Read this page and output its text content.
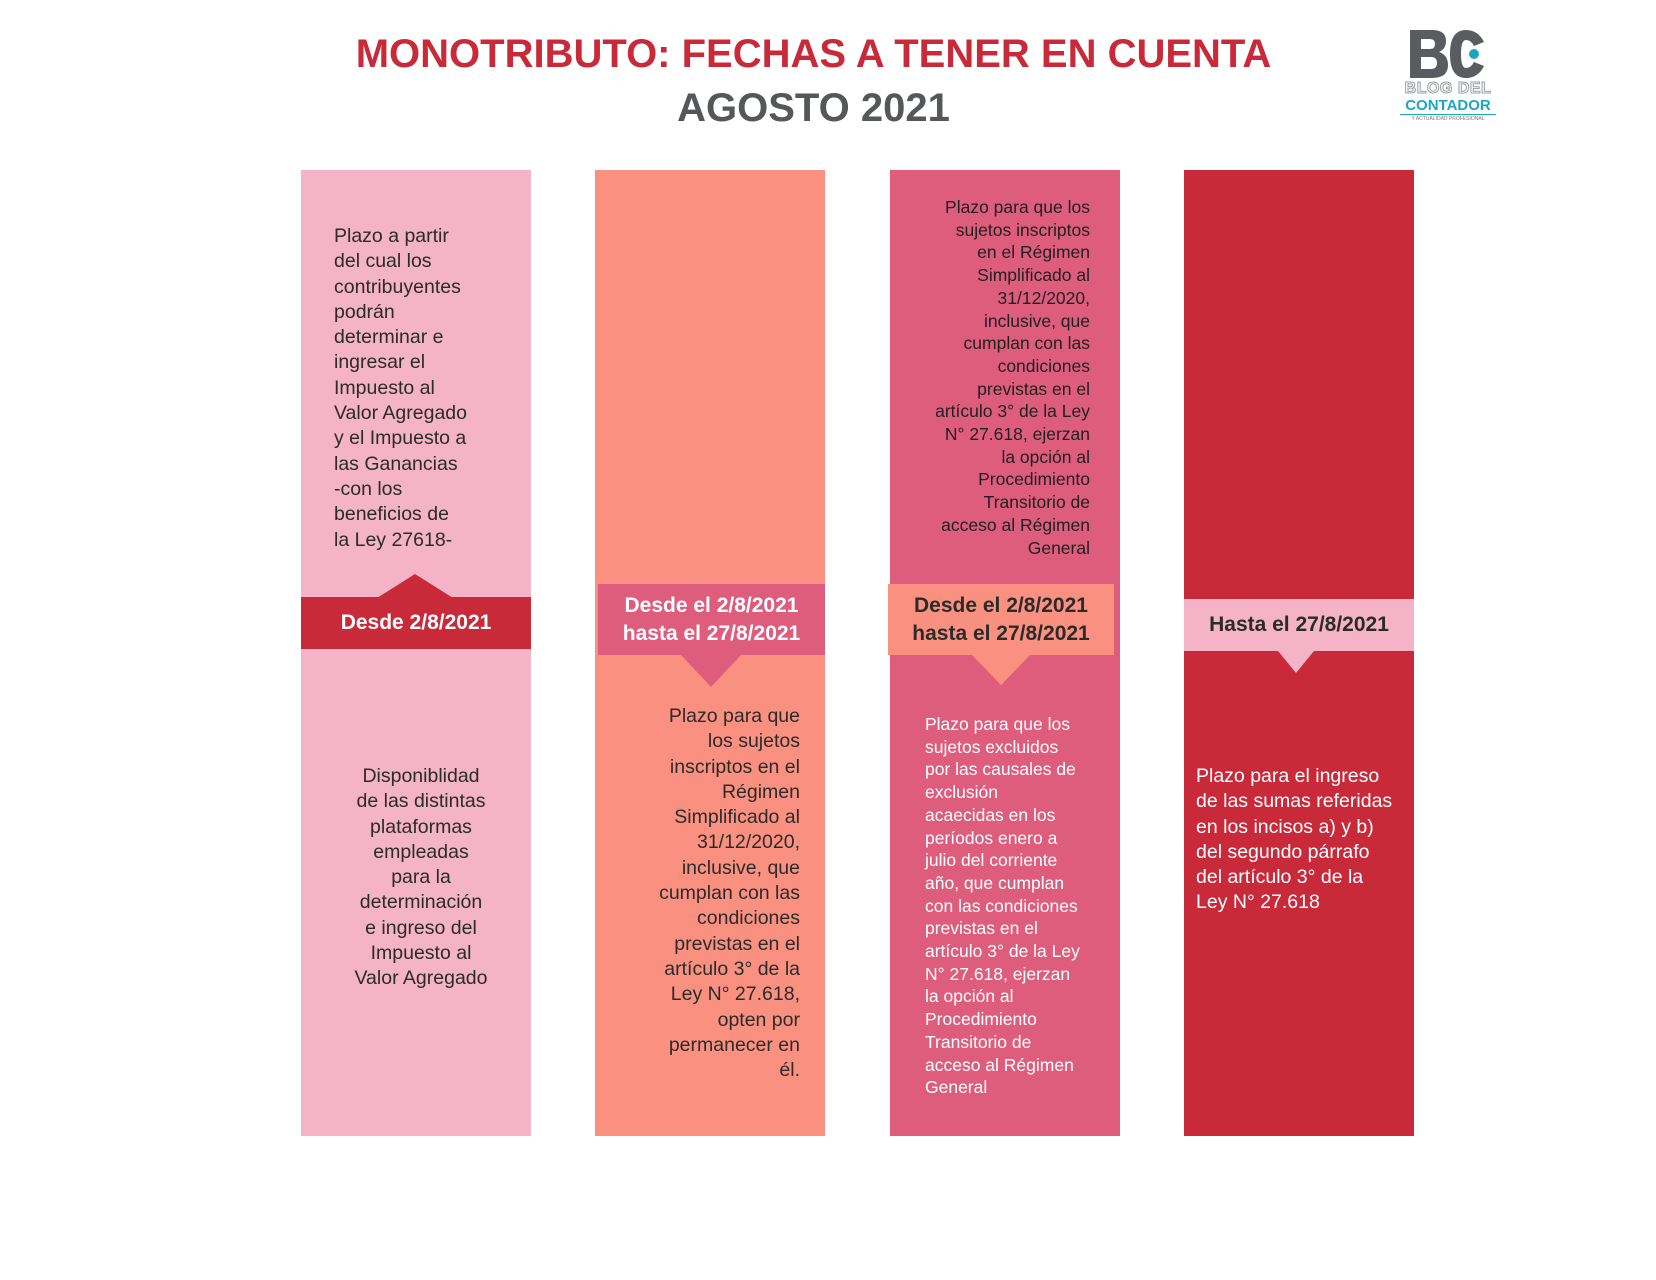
MONOTRIBUTO: FECHAS A TENER EN CUENTA
AGOSTO 2021	BLOG DEL
CONTADOR
Y ACTUALIDAD PROFESIONAL

Plazo a partir
del cual los
contribuyentes
podrán
determinar e
ingresar el
Impuesto al
Valor Agregado
y el Impuesto a
las Ganancias
-con los
beneficios de
la Ley 27618-

Desde 2/8/2021

Disponiblidad
de las distintas
plataformas
empleadas
para la
determinación
e ingreso del
Impuesto al
Valor Agregado

Desde el 2/8/2021
hasta el 27/8/2021

Plazo para que
los sujetos
inscriptos en el
Régimen
Simplificado al
31/12/2020,
inclusive, que
cumplan con las
condiciones
previstas en el
artículo 3° de la
Ley N° 27.618,
opten por
permanecer en
él.

Plazo para que los
sujetos inscriptos
en el Régimen
Simplificado al
31/12/2020,
inclusive, que
cumplan con las
condiciones
previstas en el
artículo 3° de la Ley
N° 27.618, ejerzan
la opción al
Procedimiento
Transitorio de
acceso al Régimen
General

Desde el 2/8/2021
hasta el 27/8/2021

Plazo para que los
sujetos excluidos
por las causales de
exclusión
acaecidas en los
períodos enero a
julio del corriente
año, que cumplan
con las condiciones
previstas en el
artículo 3° de la Ley
N° 27.618, ejerzan
la opción al
Procedimiento
Transitorio de
acceso al Régimen
General

Hasta el 27/8/2021

Plazo para el ingreso
de las sumas referidas
en los incisos a) y b)
del segundo párrafo
del artículo 3° de la
Ley N° 27.618
